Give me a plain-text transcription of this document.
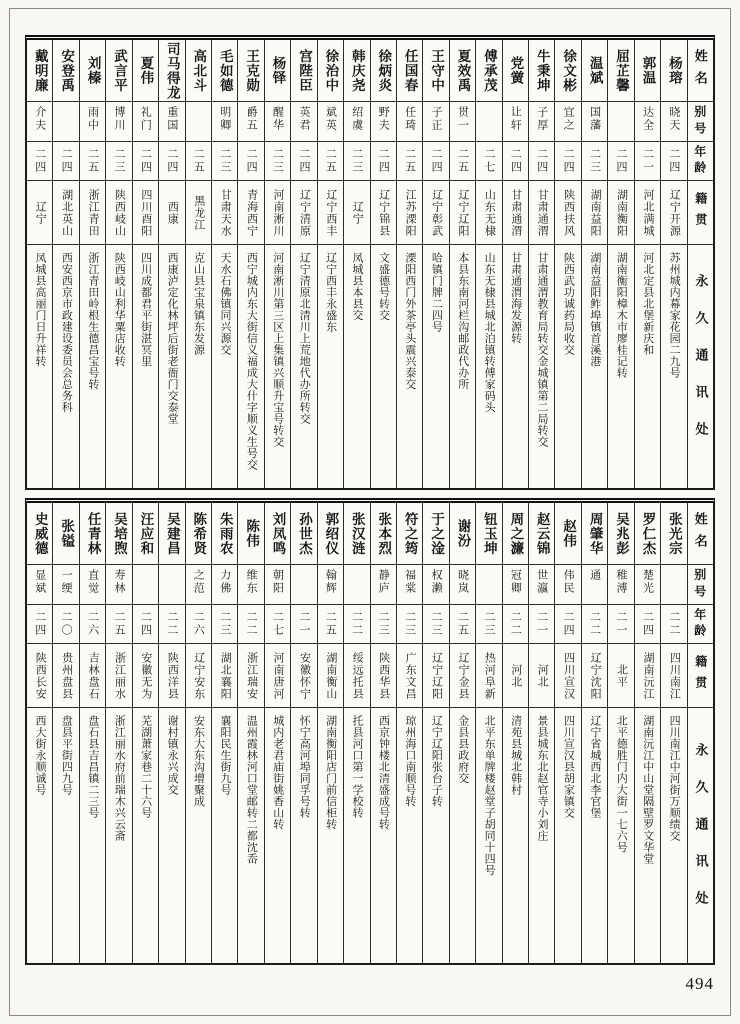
姓名
别号
年龄
籍贯
永久通讯处
杨瑢
晓天
二四
辽宁开源
苏州城内幕家花园二九号
郭温
达全
二一
河北满城
河北定县北堡新庆和
屈芷馨
二四
湖南衡阳
湖南衡阳樟木市廖桂记转
温斌
国藩
二三
湖南益阳
湖南益阳鲊埠镇首溪港
徐文彬
宜之
二四
陕西扶风
陕西武功诚药局收交
牛秉坤
子厚
二四
甘肃通渭
甘肃通渭教育局转交金城镇第二局转交
党黉
让轩
二四
甘肃通渭
甘肃通渭海发源转
傅承茂
二七
山东无棣
山东无棣县城北泊镇转傅家码头
夏效禹
贯一
二五
辽宁辽阳
本县东南河栏沟邮政代办所
王守中
子正
二四
辽宁彰武
哈镇门牌二四号
任国春
任琦
二五
江苏溧阳
溧阳西门外茶亭头震兴泰交
徐炳炎
野夫
二四
辽宁锦县
文盛德号转交
韩庆尧
绍虞
二三
辽宁
凤城县本县交
徐治中
斌英
二五
辽宁西丰
辽宁西丰永盛东
宫陛臣
英君
二四
辽宁清原
辽宁清原北清川上荒地代办所转交
杨铎
醒华
二三
河南淅川
河南淅川第三区上集镇兴顺升宝号转交
王克勋
爵五
二四
青海西宁
西宁城内东大街信义福成大什字顺义生号交
毛如德
明卿
二三
甘肃天水
天水石佛镇同兴源交
高北斗
二五
黑龙江
克山县宝泉镇东发源
司马得龙
重国
二四
西康
西康泸定化林坪后街老衙门交泰堂
夏伟
礼门
二四
四川酉阳
四川成都君平街湛冥里
武言平
博川
二三
陕西岐山
陕西岐山利华粟店收转
刘榛
雨中
二五
浙江青田
浙江青田岭根生德昌宝号转
安登禹
二四
湖北英山
西安西京市政建设委员会总务科
戴明廉
介夫
二四
辽宁
凤城县高丽门日升祥转
姓名
别号
年龄
籍贯
永久通讯处
张光宗
二二
四川南江
四川南江中河街万顺绩交
罗仁杰
楚光
二四
湖南沅江
湖南沅江中山堂隔壁罗文华堂
吴兆彭
稚溥
二一
北平
北平德胜门内大街一七六号
周肇华
通
二二
辽宁沈阳
辽宁省城西北李官堡
赵伟
伟民
二四
四川宣汉
四川宣汉县胡家镇交
赵云锦
世瀛
二一
河北
景县城东北赵官寺小刘庄
周之濂
冠卿
二二
河北
清苑县城北韩村
钮玉坤
二三
热河阜新
北平东单牌楼赵堂子胡同十四号
谢汾
晓岚
二五
辽宁金县
金县县政府交
于之淦
权濑
二三
辽宁辽阳
辽宁辽阳张台子转
符之筠
福棠
二三
广东文昌
琼州海口南顺号转
张本烈
静庐
二三
陕西华县
西京钟楼北清盛成号转
张汉涟
二二
绥远托县
托县河口第一学校转
郭绍仪
翰辉
二五
湖南衡山
湖南衡阳店门前信柜转
孙世杰
二一
安徽怀宁
怀宁高河埠同孚号转
刘凤鸣
朝阳
二七
河南唐河
城内老君庙街姚香山转
陈伟
维东
二二
浙江瑞安
温州霞林河口堂邮转二都沈岙
朱雨农
力佛
二三
湖北襄阳
襄阳民生街九号
陈希贤
之范
二六
辽宁安东
安东大东沟增聚成
吴建昌
二二
陕西洋县
谢村镇永兴成交
汪应和
二四
安徽无为
芜湖萧家巷二十六号
吴培煦
寿林
二五
浙江丽水
浙江丽水府前瑞木兴云斋
任青林
直觉
二六
吉林盘石
盘石县吉昌镇二三号
张镒
一绠
二〇
贵州盘县
盘县平街四九号
史威德
显斌
二四
陕西长安
西大街永顺诚号
494
